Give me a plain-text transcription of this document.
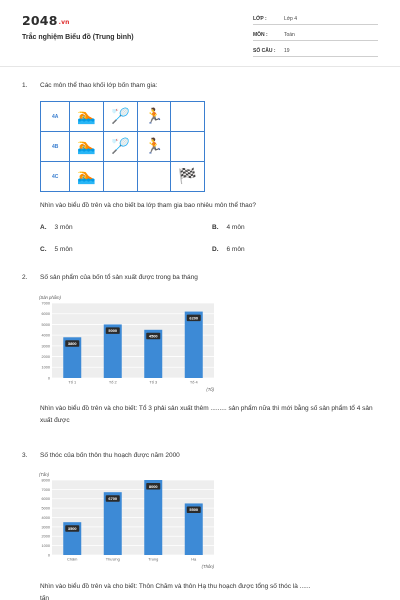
2048.vn
Trắc nghiệm Biểu đồ (Trung bình)
LỚP :	Lớp 4
MÔN :	Toán
SỐ CÂU : 19
1. Các môn thể thao khối lớp bốn tham gia:
4A	🏊	🏸	🏃	
4B	🏊	🏸	🏃	
4C	🏊			🏁
Nhìn vào biểu đồ trên và cho biết ba lớp tham gia bao nhiêu môn thể thao?
A. 3 môn	B. 4 môn
C. 5 môn	D. 6 môn
2. Số sản phẩm của bốn tổ sản xuất được trong ba tháng
(Sản phẩm)
0
1000
2000
3000
4000
5000
6000
7000
3800
Tổ 1
5000
Tổ 2
4500
Tổ 3
6200
Tổ 4
(Tổ)
Nhìn vào biểu đồ trên và cho biết: Tổ 3 phải sản xuất thêm ......... sản phẩm nữa thì mới bằng số sản phẩm tổ 4 sản xuất được
3. Số thóc của bốn thôn thu hoạch được năm 2000
(Tấn)
0
1000
2000
3000
4000
5000
6000
7000
8000
3500
Chăm
6700
Thượng
8000
Trung
5500
Hạ
(Thôn)
Nhìn vào biểu đồ trên và cho biết: Thôn Chăm và thôn Hạ thu hoạch được tổng số thóc là ......
tấn
